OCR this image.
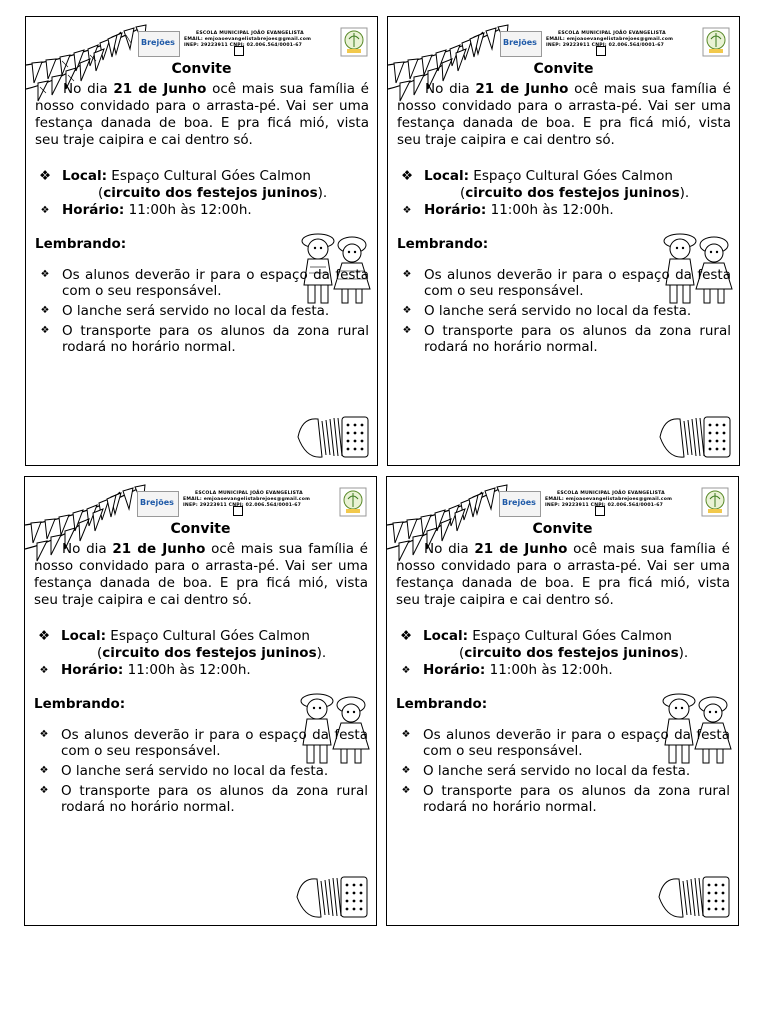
Brejões
ESCOLA MUNICIPAL JOÃO EVANGELISTA
EMAIL: emjoaoevangelistabrejoes@gmail.com
INEP: 29223911 CNPJ: 02.006.564/0001-67
Convite
No dia 21 de Junho ocê mais sua família é nosso convidado para o arrasta-pé. Vai ser uma festança danada de boa. E pra ficá mió, vista seu traje caipira e cai dentro só.
❖ Local: Espaço Cultural Góes Calmon
(circuito dos festejos juninos).
❖ Horário: 11:00h às 12:00h.
Lembrando:
❖ Os alunos deverão ir para o espaço da festa com o seu responsável.
❖ O lanche será servido no local da festa.
❖ O transporte para os alunos da zona rural rodará no horário normal.
Brejões
ESCOLA MUNICIPAL JOÃO EVANGELISTA
EMAIL: emjoaoevangelistabrejoes@gmail.com
INEP: 29223911 CNPJ: 02.006.564/0001-67
Convite
No dia 21 de Junho ocê mais sua família é nosso convidado para o arrasta-pé. Vai ser uma festança danada de boa. E pra ficá mió, vista seu traje caipira e cai dentro só.
❖ Local: Espaço Cultural Góes Calmon
(circuito dos festejos juninos).
❖ Horário: 11:00h às 12:00h.
Lembrando:
❖ Os alunos deverão ir para o espaço da festa com o seu responsável.
❖ O lanche será servido no local da festa.
❖ O transporte para os alunos da zona rural rodará no horário normal.
Brejões
ESCOLA MUNICIPAL JOÃO EVANGELISTA
EMAIL: emjoaoevangelistabrejoes@gmail.com
INEP: 29223911 CNPJ: 02.006.564/0001-67
Convite
No dia 21 de Junho ocê mais sua família é nosso convidado para o arrasta-pé. Vai ser uma festança danada de boa. E pra ficá mió, vista seu traje caipira e cai dentro só.
❖ Local: Espaço Cultural Góes Calmon
(circuito dos festejos juninos).
❖ Horário: 11:00h às 12:00h.
Lembrando:
❖ Os alunos deverão ir para o espaço da festa com o seu responsável.
❖ O lanche será servido no local da festa.
❖ O transporte para os alunos da zona rural rodará no horário normal.
Brejões
ESCOLA MUNICIPAL JOÃO EVANGELISTA
EMAIL: emjoaoevangelistabrejoes@gmail.com
INEP: 29223911 CNPJ: 02.006.564/0001-67
Convite
No dia 21 de Junho ocê mais sua família é nosso convidado para o arrasta-pé. Vai ser uma festança danada de boa. E pra ficá mió, vista seu traje caipira e cai dentro só.
❖ Local: Espaço Cultural Góes Calmon
(circuito dos festejos juninos).
❖ Horário: 11:00h às 12:00h.
Lembrando:
❖ Os alunos deverão ir para o espaço da festa com o seu responsável.
❖ O lanche será servido no local da festa.
❖ O transporte para os alunos da zona rural rodará no horário normal.
